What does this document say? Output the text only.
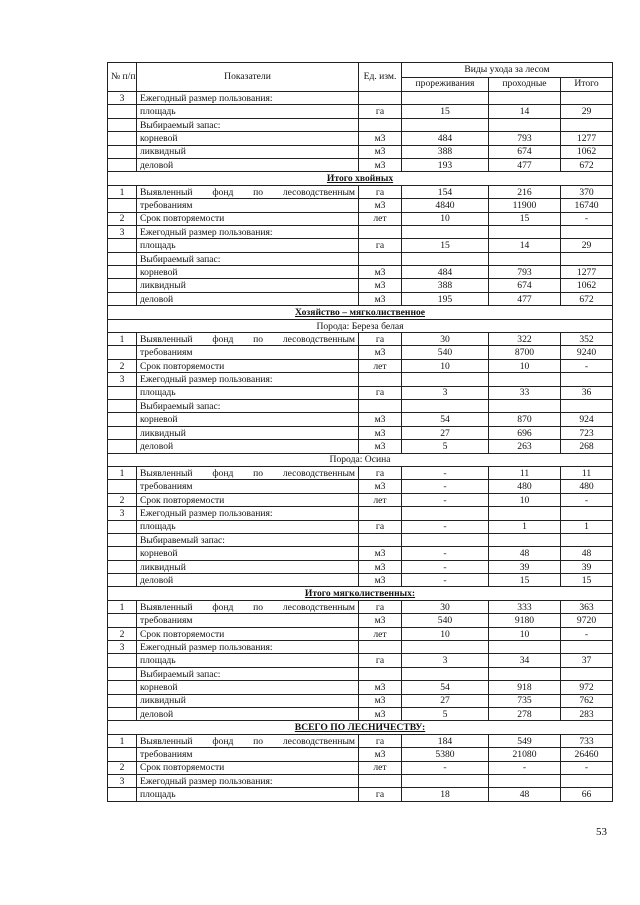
№ п/п	Показатели	Ед. изм.	Виды ухода за лесом		
			прореживания	проходные	Итого
3	Ежегодный размер пользования:				
	площадь	га	15	14	29
	Выбираемый запас:				
	корневой	м3	484	793	1277
	ликвидный	м3	388	674	1062
	деловой	м3	193	477	672
Итого хвойных					
1	Выявленный фонд по лесоводственным	га	154	216	370
	требованиям	м3	4840	11900	16740
2	Срок повторяемости	лет	10	15	-
3	Ежегодный размер пользования:				
	площадь	га	15	14	29
	Выбираемый запас:				
	корневой	м3	484	793	1277
	ликвидный	м3	388	674	1062
	деловой	м3	195	477	672
Хозяйство – мягколиственное					
Порода: Береза белая					
1	Выявленный фонд по лесоводственным	га	30	322	352
	требованиям	м3	540	8700	9240
2	Срок повторяемости	лет	10	10	-
3	Ежегодный размер пользования:				
	площадь	га	3	33	36
	Выбираемый запас:				
	корневой	м3	54	870	924
	ликвидный	м3	27	696	723
	деловой	м3	5	263	268
Порода: Осина					
1	Выявленный фонд по лесоводственным	га	-	11	11
	требованиям	м3	-	480	480
2	Срок повторяемости	лет	-	10	-
3	Ежегодный размер пользования:				
	площадь	га	-	1	1
	Выбиравемый запас:				
	корневой	м3	-	48	48
	ликвидный	м3	-	39	39
	деловой	м3	-	15	15
Итого мягколиственных:					
1	Выявленный фонд по лесоводственным	га	30	333	363
	требованиям	м3	540	9180	9720
2	Срок повторяемости	лет	10	10	-
3	Ежегодный размер пользования:				
	площадь	га	3	34	37
	Выбираемый запас:				
	корневой	м3	54	918	972
	ликвидный	м3	27	735	762
	деловой	м3	5	278	283
ВСЕГО ПО ЛЕСНИЧЕСТВУ:					
1	Выявленный фонд по лесоводственным	га	184	549	733
	требованиям	м3	5380	21080	26460
2	Срок повторяемости	лет	-	-	-
3	Ежегодный размер пользования:				
	площадь	га	18	48	66
53
